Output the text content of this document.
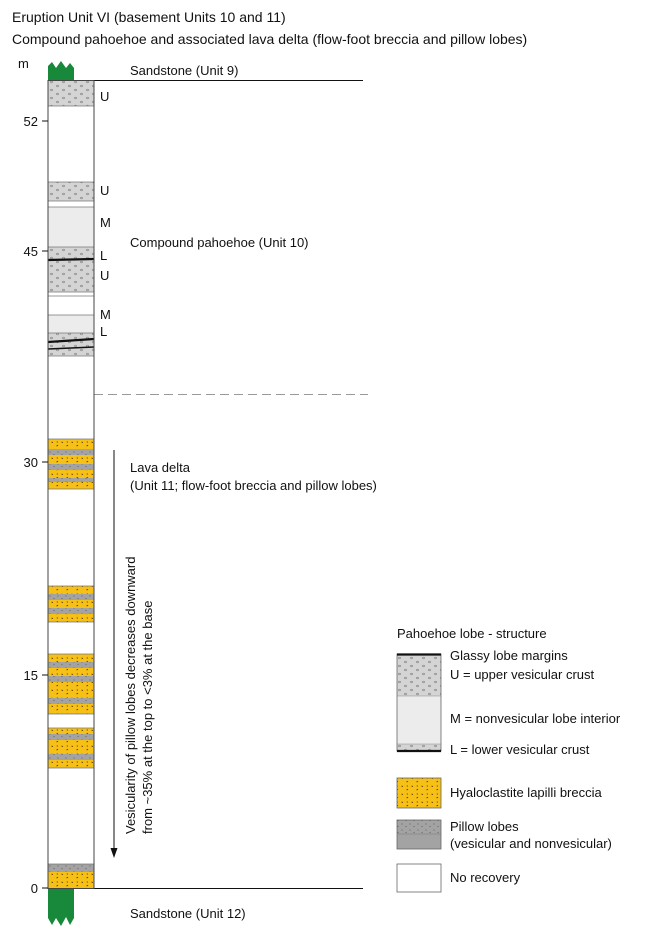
Eruption Unit VI (basement Units 10 and 11)
Compound pahoehoe and associated lava delta (flow-foot breccia and pillow lobes)
m
52
45
30
15
0
U
U
M
L
U
M
L
Sandstone (Unit 9)
Compound pahoehoe (Unit 10)
Lava delta
(Unit 11; flow-foot breccia and pillow lobes)
Sandstone (Unit 12)
Vesicularity of pillow lobes decreases downward from ~35% at the top to <3% at the base	Pahoehoe lobe - structure
Glassy lobe margins
U = upper vesicular crust
M = nonvesicular lobe interior
L = lower vesicular crust
Hyaloclastite lapilli breccia
Pillow lobes
(vesicular and nonvesicular)
No recovery
